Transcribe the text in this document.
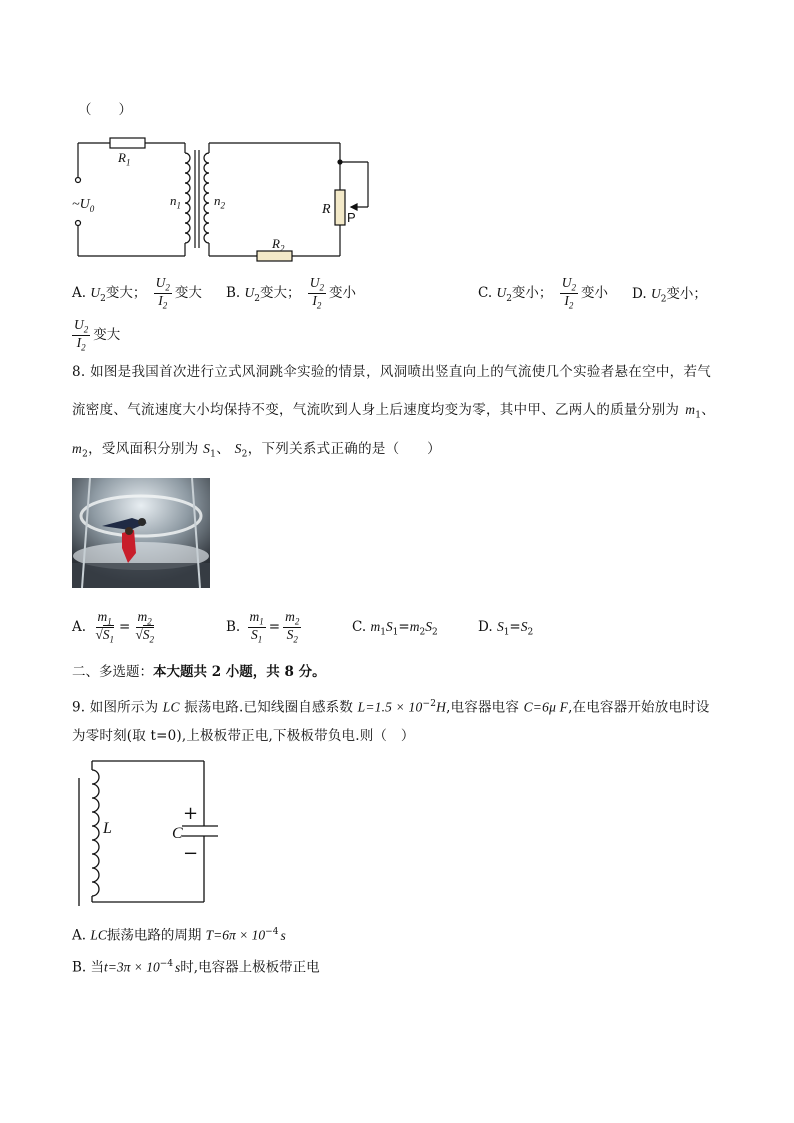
（　　）
$R_1$
$\sim U_0$
$n_1$	$n_2$	R
P
$R_2$
A. $U_2$变大； $\frac{U_2}{I_2}$ 变大 B. $U_2$变大； $\frac{U_2}{I_2}$ 变小	C. $U_2$变小； $\frac{U_2}{I_2}$ 变小 D. $U_2$变小；
$\frac{U_2}{I_2}$ 变大
8. 如图是我国首次进行立式风洞跳伞实验的情景，风洞喷出竖直向上的气流使几个实验者悬在空中，若气
流密度、气流速度大小均保持不变，气流吹到人身上后速度均变为零，其中甲、乙两人的质量分别为 $m_1$、
$m_2$，受风面积分别为 $S_1$、 $S_2$，下列关系式正确的是（　　）
A. $\frac{m_1}{√S_1} = \frac{m_2}{√S_2}$	B. $\frac{m_1}{S_1} = \frac{m_2}{S_2}$	C. $m_1S_1=m_2S_2$	D. $S_1=S_2$
二、多选题：本大题共 2 小题，共 8 分。
9. 如图所示为 LC 振荡电路.已知线圈自感系数 $L=1.5 \times 10^{-2}H$,电容器电容 C=6μ F,在电容器开始放电时设
为零时刻(取 t=0),上极板带正电,下极板带负电.则（　）
L	C
+
−
A. LC振荡电路的周期 $T=6\pi \times 10^{-4}$ s
B. 当$t=3\pi \times 10^{-4}$ s时,电容器上极板带正电
